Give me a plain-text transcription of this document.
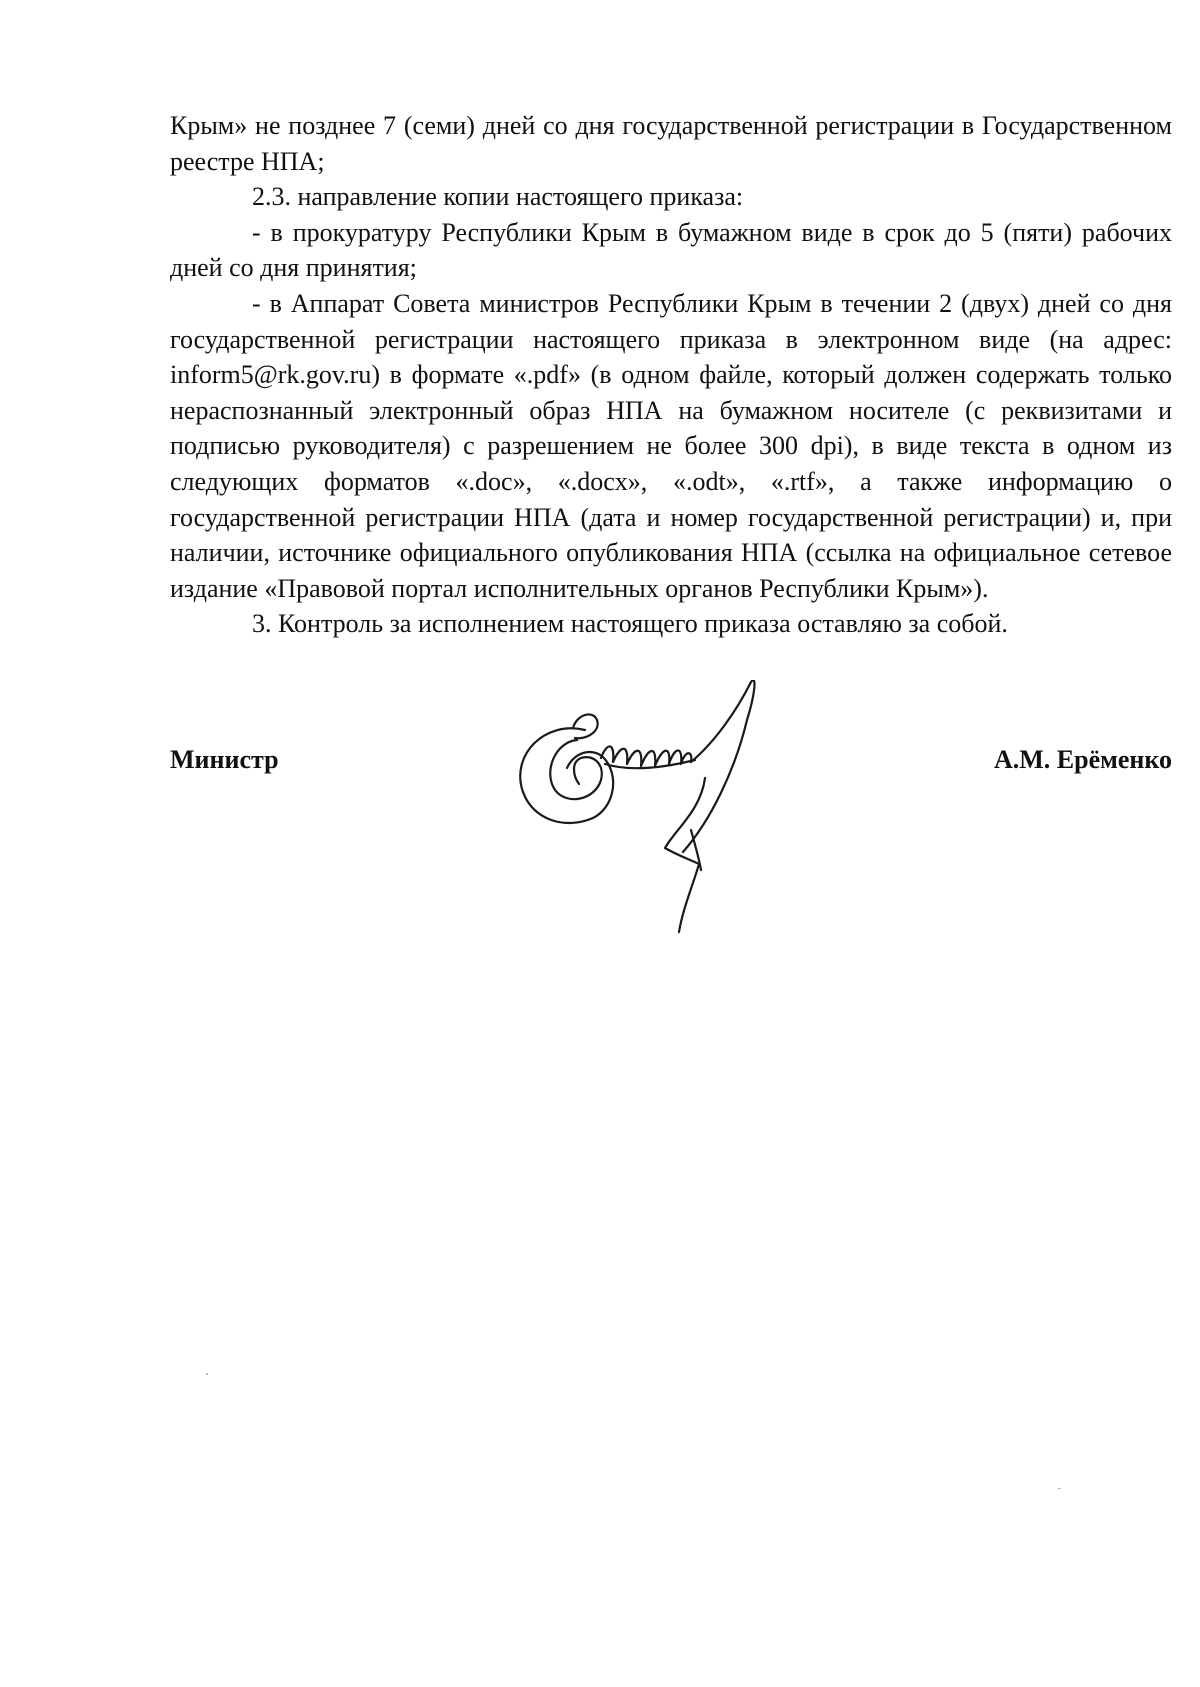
Крым» не позднее 7 (семи) дней со дня государственной регистрации в Государственном реестре НПА;

2.3. направление копии настоящего приказа:

- в прокуратуру Республики Крым в бумажном виде в срок до 5 (пяти) рабочих дней со дня принятия;

- в Аппарат Совета министров Республики Крым в течении 2 (двух) дней со дня государственной регистрации настоящего приказа в электронном виде (на адрес: inform5@rk.gov.ru) в формате «.pdf» (в одном файле, который должен содержать только нераспознанный электронный образ НПА на бумажном носителе (с реквизитами и подписью руководителя) с разрешением не более 300 dpi), в виде текста в одном из следующих форматов «.doc», «.docx», «.odt», «.rtf», а также информацию о государственной регистрации НПА (дата и номер государственной регистрации) и, при наличии, источнике официального опубликования НПА (ссылка на официальное сетевое издание «Правовой портал исполнительных органов Республики Крым»).

3. Контроль за исполнением настоящего приказа оставляю за собой.

Министр	А.М. Ерёменко
